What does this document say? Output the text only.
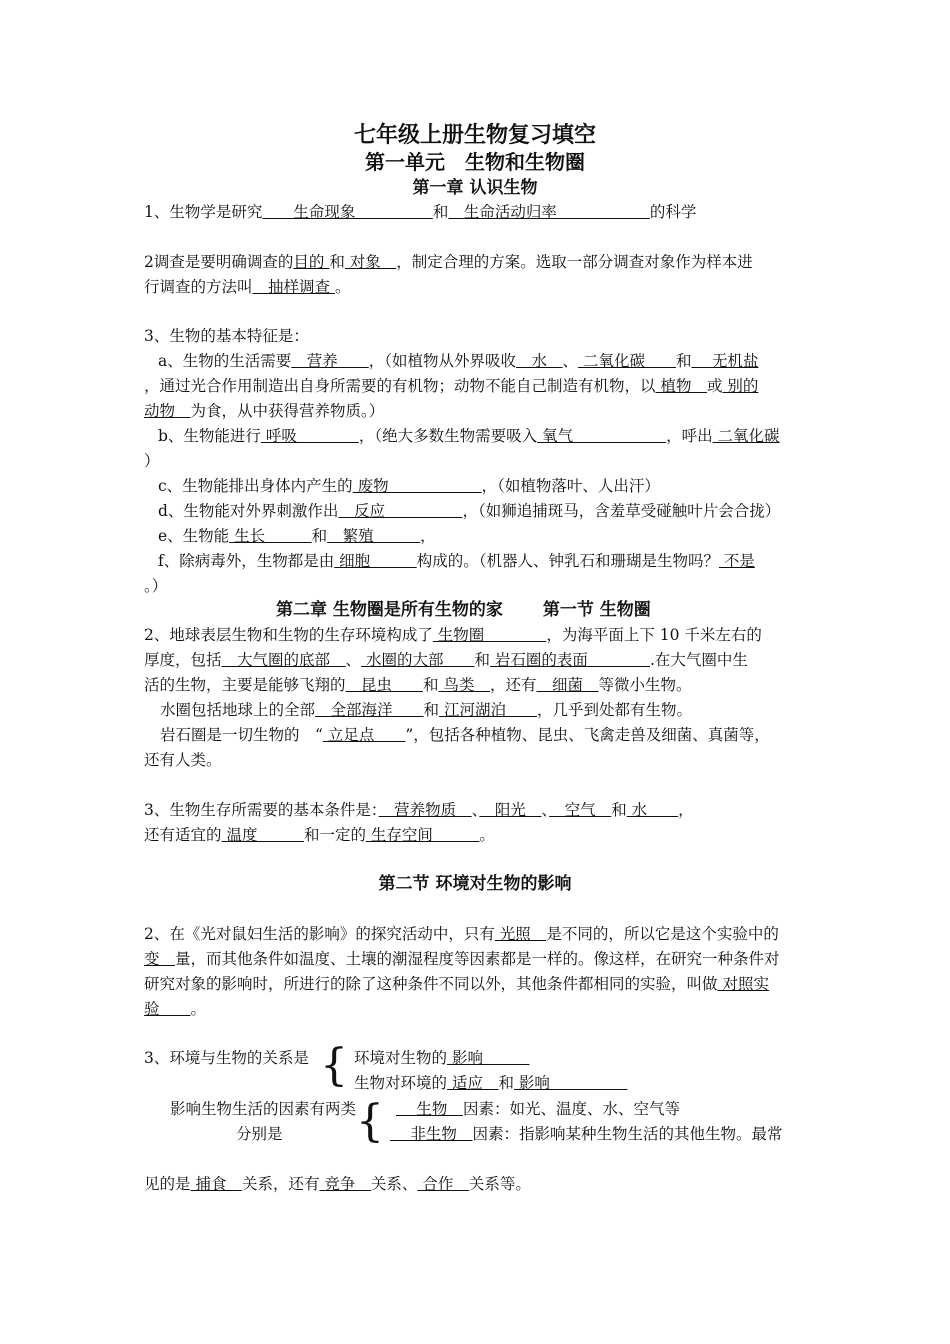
七年级上册生物复习填空
第一单元　生物和生物圈
第一章 认识生物
1、生物学是研究　　生命现象　　　　　和　生命活动归率　　　　　　的科学
2调查是要明确调查的目的 和 对象　，制定合理的方案。选取一部分调查对象作为样本进
行调查的方法叫　抽样调查 。
3、生物的基本特征是：
a、生物的生活需要　营养　　，（如植物从外界吸收　水　、 二氧化碳　　和　 无机盐
，通过光合作用制造出自身所需要的有机物；动物不能自己制造有机物，以 植物　或 别的
动物　为食，从中获得营养物质。）
b、生物能进行 呼吸　　　　，（绝大多数生物需要吸入 氧气　　　　　　，呼出 二氧化碳
）
c、生物能排出身体内产生的 废物　　　　　　，（如植物落叶、人出汗）
d、生物能对外界刺激作出　反应　　　　　，（如狮追捕斑马，含羞草受碰触叶片会合拢）
e、生物能 生长　　　和　繁殖　　　，
f、除病毒外，生物都是由 细胞　　　构成的。（机器人、钟乳石和珊瑚是生物吗？ 不是
。）
第二章 生物圈是所有生物的家　　 第一节 生物圈
2、地球表层生物和生物的生存环境构成了 生物圈　　　　，为海平面上下 10 千米左右的
厚度，包括　大气圈的底部　、 水圈的大部　　和 岩石圈的表面　　　　.在大气圈中生
活的生物，主要是能够飞翔的　昆虫　　和 鸟类　，还有　细菌　等微小生物。
水圈包括地球上的全部　全部海洋　　和 江河湖泊　　，几乎到处都有生物。
岩石圈是一切生物的　“ 立足点　　”，包括各种植物、昆虫、飞禽走兽及细菌、真菌等，
还有人类。
3、生物生存所需要的基本条件是：　营养物质　、　阳光　、　空气　和 水　　，
还有适宜的 温度　　　和一定的 生存空间　　　。
第二节 环境对生物的影响
2、在《光对鼠妇生活的影响》的探究活动中，只有 光照　是不同的，所以它是这个实验中的
变　量，而其他条件如温度、土壤的潮湿程度等因素都是一样的。像这样，在研究一种条件对
研究对象的影响时，所进行的除了这种条件不同以外，其他条件都相同的实验，叫做 对照实
验　　。
3、环境与生物的关系是 { 环境对生物的 影响　　　
生物对环境的 适应　和 影响　　　　　
影响生物生活的因素有两类
分别是 { 　 生物　因素：如光、温度、水、空气等
　 非生物　因素：指影响某种生物生活的其他生物。最常
见的是 捕食　关系，还有 竞争　关系、 合作　关系等。
